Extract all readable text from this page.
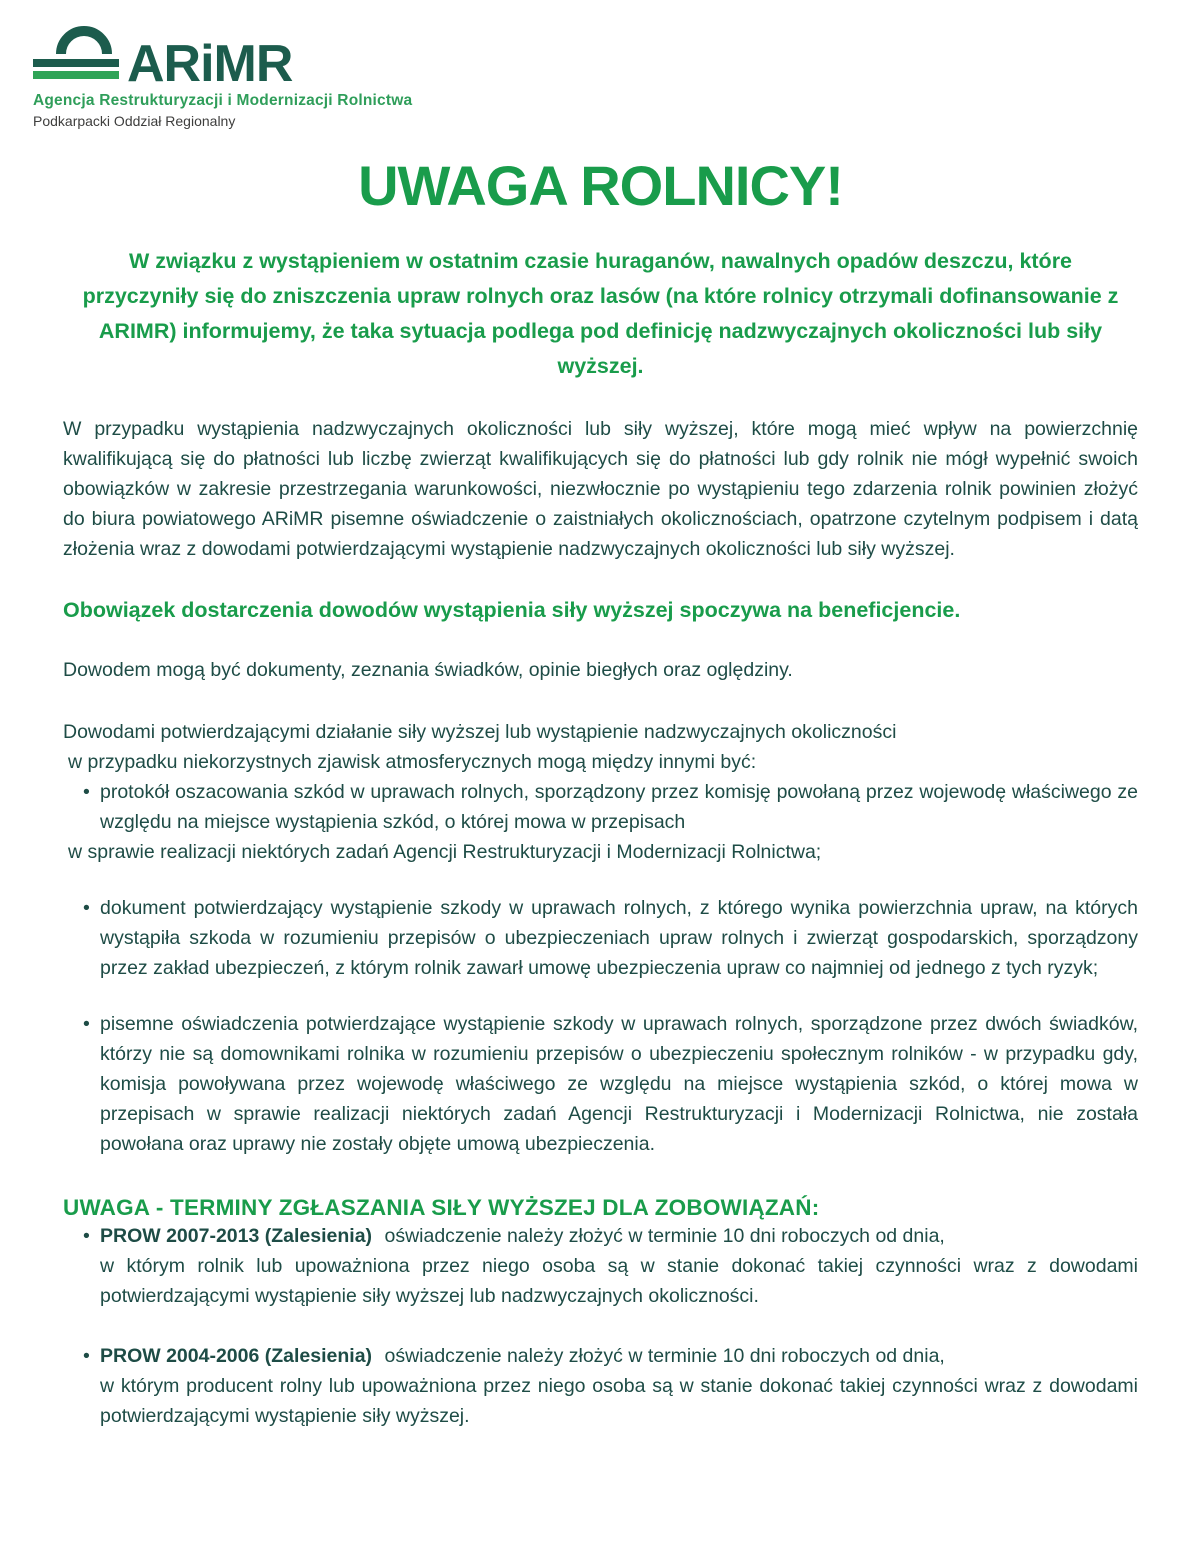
ARiMR
Agencja Restrukturyzacji i Modernizacji Rolnictwa
Podkarpacki Oddział Regionalny
UWAGA ROLNICY!

W związku z wystąpieniem w ostatnim czasie huraganów, nawalnych opadów deszczu, które przyczyniły się do zniszczenia upraw rolnych oraz lasów (na które rolnicy otrzymali dofinansowanie z ARIMR) informujemy, że taka sytuacja podlega pod definicję nadzwyczajnych okoliczności lub siły wyższej.

W przypadku wystąpienia nadzwyczajnych okoliczności lub siły wyższej, które mogą mieć wpływ na powierzchnię kwalifikującą się do płatności lub liczbę zwierząt kwalifikujących się do płatności lub gdy rolnik nie mógł wypełnić swoich obowiązków w zakresie przestrzegania warunkowości, niezwłocznie po wystąpieniu tego zdarzenia rolnik powinien złożyć do biura powiatowego ARiMR pisemne oświadczenie o zaistniałych okolicznościach, opatrzone czytelnym podpisem i datą złożenia wraz z dowodami potwierdzającymi wystąpienie nadzwyczajnych okoliczności lub siły wyższej.

Obowiązek dostarczenia dowodów wystąpienia siły wyższej spoczywa na beneficjencie.

Dowodem mogą być dokumenty, zeznania świadków, opinie biegłych oraz oględziny.

Dowodami potwierdzającymi działanie siły wyższej lub wystąpienie nadzwyczajnych okoliczności
w przypadku niekorzystnych zjawisk atmosferycznych mogą między innymi być:

• protokół oszacowania szkód w uprawach rolnych, sporządzony przez komisję powołaną przez wojewodę właściwego ze względu na miejsce wystąpienia szkód, o której mowa w przepisach
w sprawie realizacji niektórych zadań Agencji Restrukturyzacji i Modernizacji Rolnictwa;
• dokument potwierdzający wystąpienie szkody w uprawach rolnych, z którego wynika powierzchnia upraw, na których wystąpiła szkoda w rozumieniu przepisów o ubezpieczeniach upraw rolnych i zwierząt gospodarskich, sporządzony przez zakład ubezpieczeń, z którym rolnik zawarł umowę ubezpieczenia upraw co najmniej od jednego z tych ryzyk;
• pisemne oświadczenia potwierdzające wystąpienie szkody w uprawach rolnych, sporządzone przez dwóch świadków, którzy nie są domownikami rolnika w rozumieniu przepisów o ubezpieczeniu społecznym rolników - w przypadku gdy, komisja powoływana przez wojewodę właściwego ze względu na miejsce wystąpienia szkód, o której mowa w przepisach w sprawie realizacji niektórych zadań Agencji Restrukturyzacji i Modernizacji Rolnictwa, nie została powołana oraz uprawy nie zostały objęte umową ubezpieczenia.

UWAGA - TERMINY ZGŁASZANIA SIŁY WYŻSZEJ DLA ZOBOWIĄZAŃ:

• PROW 2007-2013 (Zalesienia) oświadczenie należy złożyć w terminie 10 dni roboczych od dnia,
w którym rolnik lub upoważniona przez niego osoba są w stanie dokonać takiej czynności wraz z dowodami potwierdzającymi wystąpienie siły wyższej lub nadzwyczajnych okoliczności.
• PROW 2004-2006 (Zalesienia) oświadczenie należy złożyć w terminie 10 dni roboczych od dnia,
w którym producent rolny lub upoważniona przez niego osoba są w stanie dokonać takiej czynności wraz z dowodami potwierdzającymi wystąpienie siły wyższej.
